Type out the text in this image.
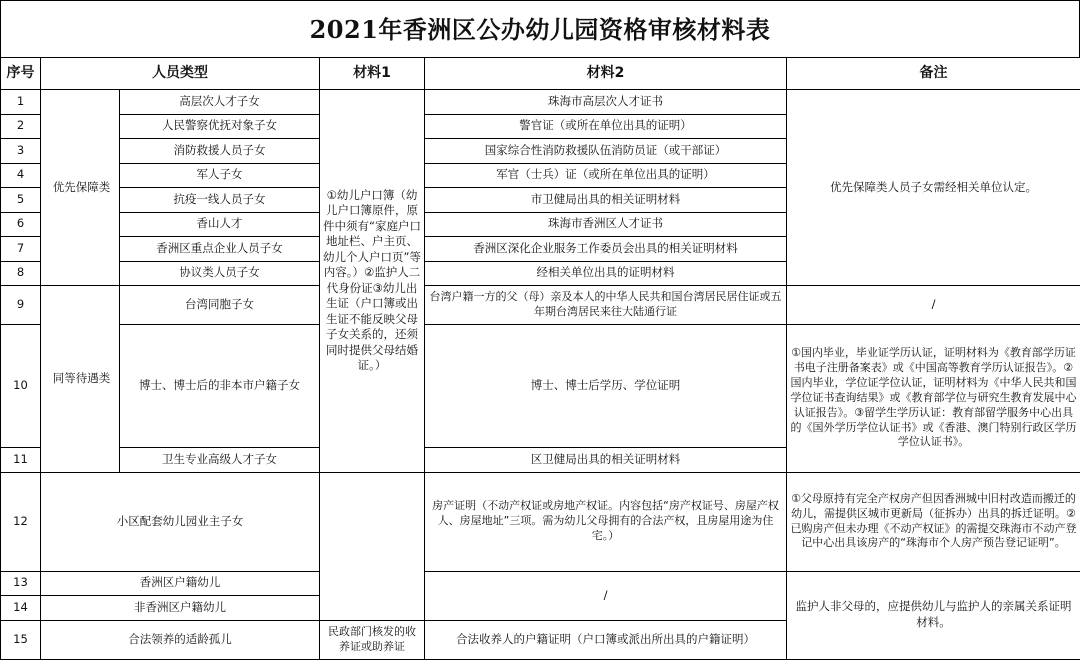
2021年香洲区公办幼儿园资格审核材料表
序号	人员类型		材料1	材料2	备注
1	优先保障类	高层次人才子女	①幼儿户口簿（幼儿户口簿原件，原件中须有“家庭户口地址栏、户主页、幼儿个人户口页”等内容。）②监护人二代身份证③幼儿出生证（户口簿或出生证不能反映父母子女关系的，还须同时提供父母结婚证。）	珠海市高层次人才证书	优先保障类人员子女需经相关单位认定。
2		人民警察优抚对象子女		警官证（或所在单位出具的证明）	
3		消防救援人员子女		国家综合性消防救援队伍消防员证（或干部证）	
4		军人子女		军官（士兵）证（或所在单位出具的证明）	
5		抗疫一线人员子女		市卫健局出具的相关证明材料	
6		香山人才		珠海市香洲区人才证书	
7		香洲区重点企业人员子女		香洲区深化企业服务工作委员会出具的相关证明材料	
8		协议类人员子女		经相关单位出具的证明材料	
9	同等待遇类	台湾同胞子女		台湾户籍一方的父（母）亲及本人的中华人民共和国台湾居民居住证或五年期台湾居民来往大陆通行证	/
10		博士、博士后的非本市户籍子女		博士、博士后学历、学位证明	①国内毕业，毕业证学历认证，证明材料为《教育部学历证书电子注册备案表》或《中国高等教育学历认证报告》。②国内毕业，学位证学位认证，证明材料为《中华人民共和国学位证书查询结果》或《教育部学位与研究生教育发展中心认证报告》。③留学生学历认证：教育部留学服务中心出具的《国外学历学位认证书》或《香港、澳门特别行政区学历学位认证书》。
11		卫生专业高级人才子女		区卫健局出具的相关证明材料	
12	小区配套幼儿园业主子女			房产证明（不动产权证或房地产权证。内容包括“房产权证号、房屋产权人、房屋地址”三项。需为幼儿父母拥有的合法产权，且房屋用途为住宅。）	①父母原持有完全产权房产但因香洲城中旧村改造而搬迁的幼儿，需提供区城市更新局（征拆办）出具的拆迁证明。②已购房产但未办理《不动产权证》的需提交珠海市不动产登记中心出具该房产的“珠海市个人房产预告登记证明”。
13	香洲区户籍幼儿			/	监护人非父母的，应提供幼儿与监护人的亲属关系证明材料。
14	非香洲区户籍幼儿				
15	合法领养的适龄孤儿		民政部门核发的收养证或助养证	合法收养人的户籍证明（户口簿或派出所出具的户籍证明）	
